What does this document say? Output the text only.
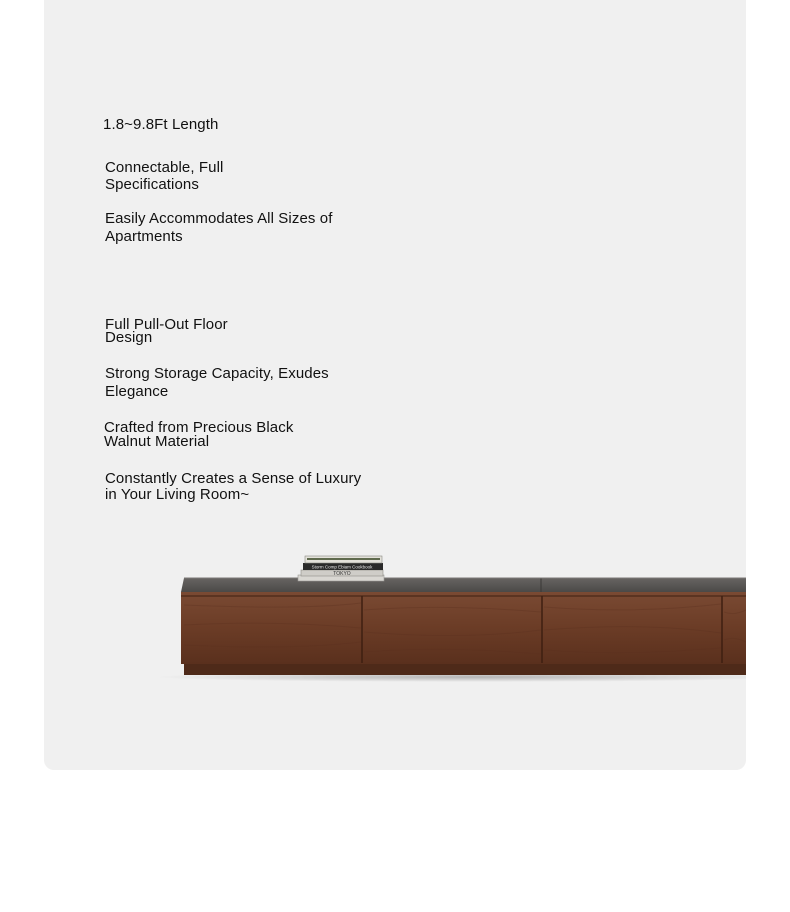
1.8~9.8Ft Length
Connectable, Full
Specifications
Easily Accommodates All Sizes of
Apartments
Full Pull-Out Floor
Design
Strong Storage Capacity, Exudes
Elegance
Crafted from Precious Black
Walnut Material
Constantly Creates a Sense of Luxury
in Your Living Room~
TOKYO
Storm Comp Ebiam Cookbook
